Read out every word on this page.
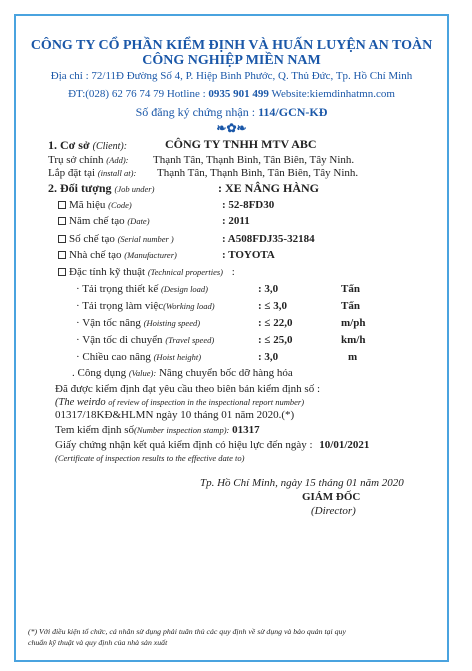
CÔNG TY CỔ PHẦN KIỂM ĐỊNH VÀ HUẤN LUYỆN AN TOÀN
CÔNG NGHIỆP MIỀN NAM
Địa chỉ : 72/11Đ Đường Số 4, P. Hiệp Bình Phước, Q. Thủ Đức, Tp. Hồ Chí Minh
ĐT:(028) 62 76 74 79 Hotline : 0935 901 499 Website:kiemdinhatmn.com
Số đăng ký chứng nhận : 114/GCN-KĐ
❧✿❧
1. Cơ sở (Client):	CÔNG TY TNHH MTV ABC
Trụ sở chính (Add): Thạnh Tân, Thạnh Bình, Tân Biên, Tây Ninh.
Lắp đặt tại (install at): Thạnh Tân, Thạnh Bình, Tân Biên, Tây Ninh.
2. Đối tượng (Job under)	: XE NÂNG HÀNG
Mã hiệu (Code)	: 52-8FD30
Năm chế tạo (Date)	: 2011
Số chế tạo (Serial number )	: A508FDJ35-32184
Nhà chế tạo (Manufacturer)	: TOYOTA
Đặc tính kỹ thuật (Technical properties) :
· Tải trọng thiết kế (Design load)	: 3,0	Tấn
· Tải trọng làm việc(Working load)	: ≤ 3,0	Tấn
· Vận tốc nâng (Hoisting speed)	: ≤ 22,0	m/ph
· Vận tốc di chuyển (Travel speed)	: ≤ 25,0	km/h
· Chiều cao nâng (Hoist height)	: 3,0	m
. Công dụng (Value): Nâng chuyển bốc dỡ hàng hóa
Đã được kiểm định đạt yêu cầu theo biên bản kiểm định số :
(The weirdo of review of inspection in the inspectional report number)
01317/18KĐ&HLMN ngày 10 tháng 01 năm 2020.(*)
Tem kiểm định số(Number inspection stamp): 01317
Giấy chứng nhận kết quả kiểm định có hiệu lực đến ngày : 10/01/2021
(Certificate of inspection results to the effective date to)
Tp. Hồ Chí Minh, ngày 15 tháng 01 năm 2020
GIÁM ĐỐC
(Director)
(*) Với điều kiện tổ chức, cá nhân sử dụng phải tuân thủ các quy định về sử dụng và bảo quản tại quy
chuẩn kỹ thuật và quy định của nhà sản xuất
